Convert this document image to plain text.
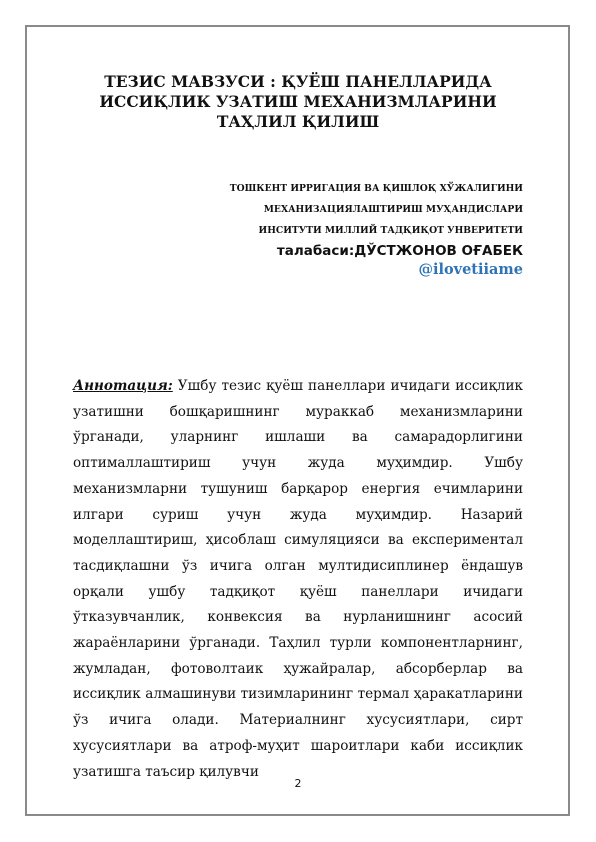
ТЕЗИС МАВЗУСИ : ҚУЁШ ПАНЕЛЛАРИДА ИССИҚЛИК УЗАТИШ МЕХАНИЗМЛАРИНИ ТАҲЛИЛ ҚИЛИШ
ТОШКЕНТ ИРРИГАЦИЯ ВА ҚИШЛОҚ ХЎЖАЛИГИНИ
МЕХАНИЗАЦИЯЛАШТИРИШ МУҲАНДИСЛАРИ
ИНСИТУТИ МИЛЛИЙ ТАДҚИҚОТ УНВЕРИТЕТИ
талабаси:ДЎСТЖОНОВ ОҒАБЕК
@ilovetiiame

Аннотация: Ушбу тезис қуёш панеллари ичидаги иссиқлик узатишни бошқаришнинг мураккаб механизмларини ўрганади, уларнинг ишлаши ва самарадорлигини оптималлаштириш учун жуда муҳимдир. Ушбу механизмларни тушуниш барқарор енергия ечимларини илгари суриш учун жуда муҳимдир. Назарий моделлаштириш, ҳисоблаш симуляцияси ва експериментал тасдиқлашни ўз ичига олган мултидисиплинер ёндашув орқали ушбу тадқиқот қуёш панеллари ичидаги ўтказувчанлик, конвексия ва нурланишнинг асосий жараёнларини ўрганади. Таҳлил турли компонентларнинг, жумладан, фотоволтаик ҳужайралар, абсорберлар ва иссиқлик алмашинуви тизимларининг термал ҳаракатларини ўз ичига олади. Материалнинг хусусиятлари, сирт хусусиятлари ва атроф-муҳит шароитлари каби иссиқлик узатишга таъсир қилувчи

2
